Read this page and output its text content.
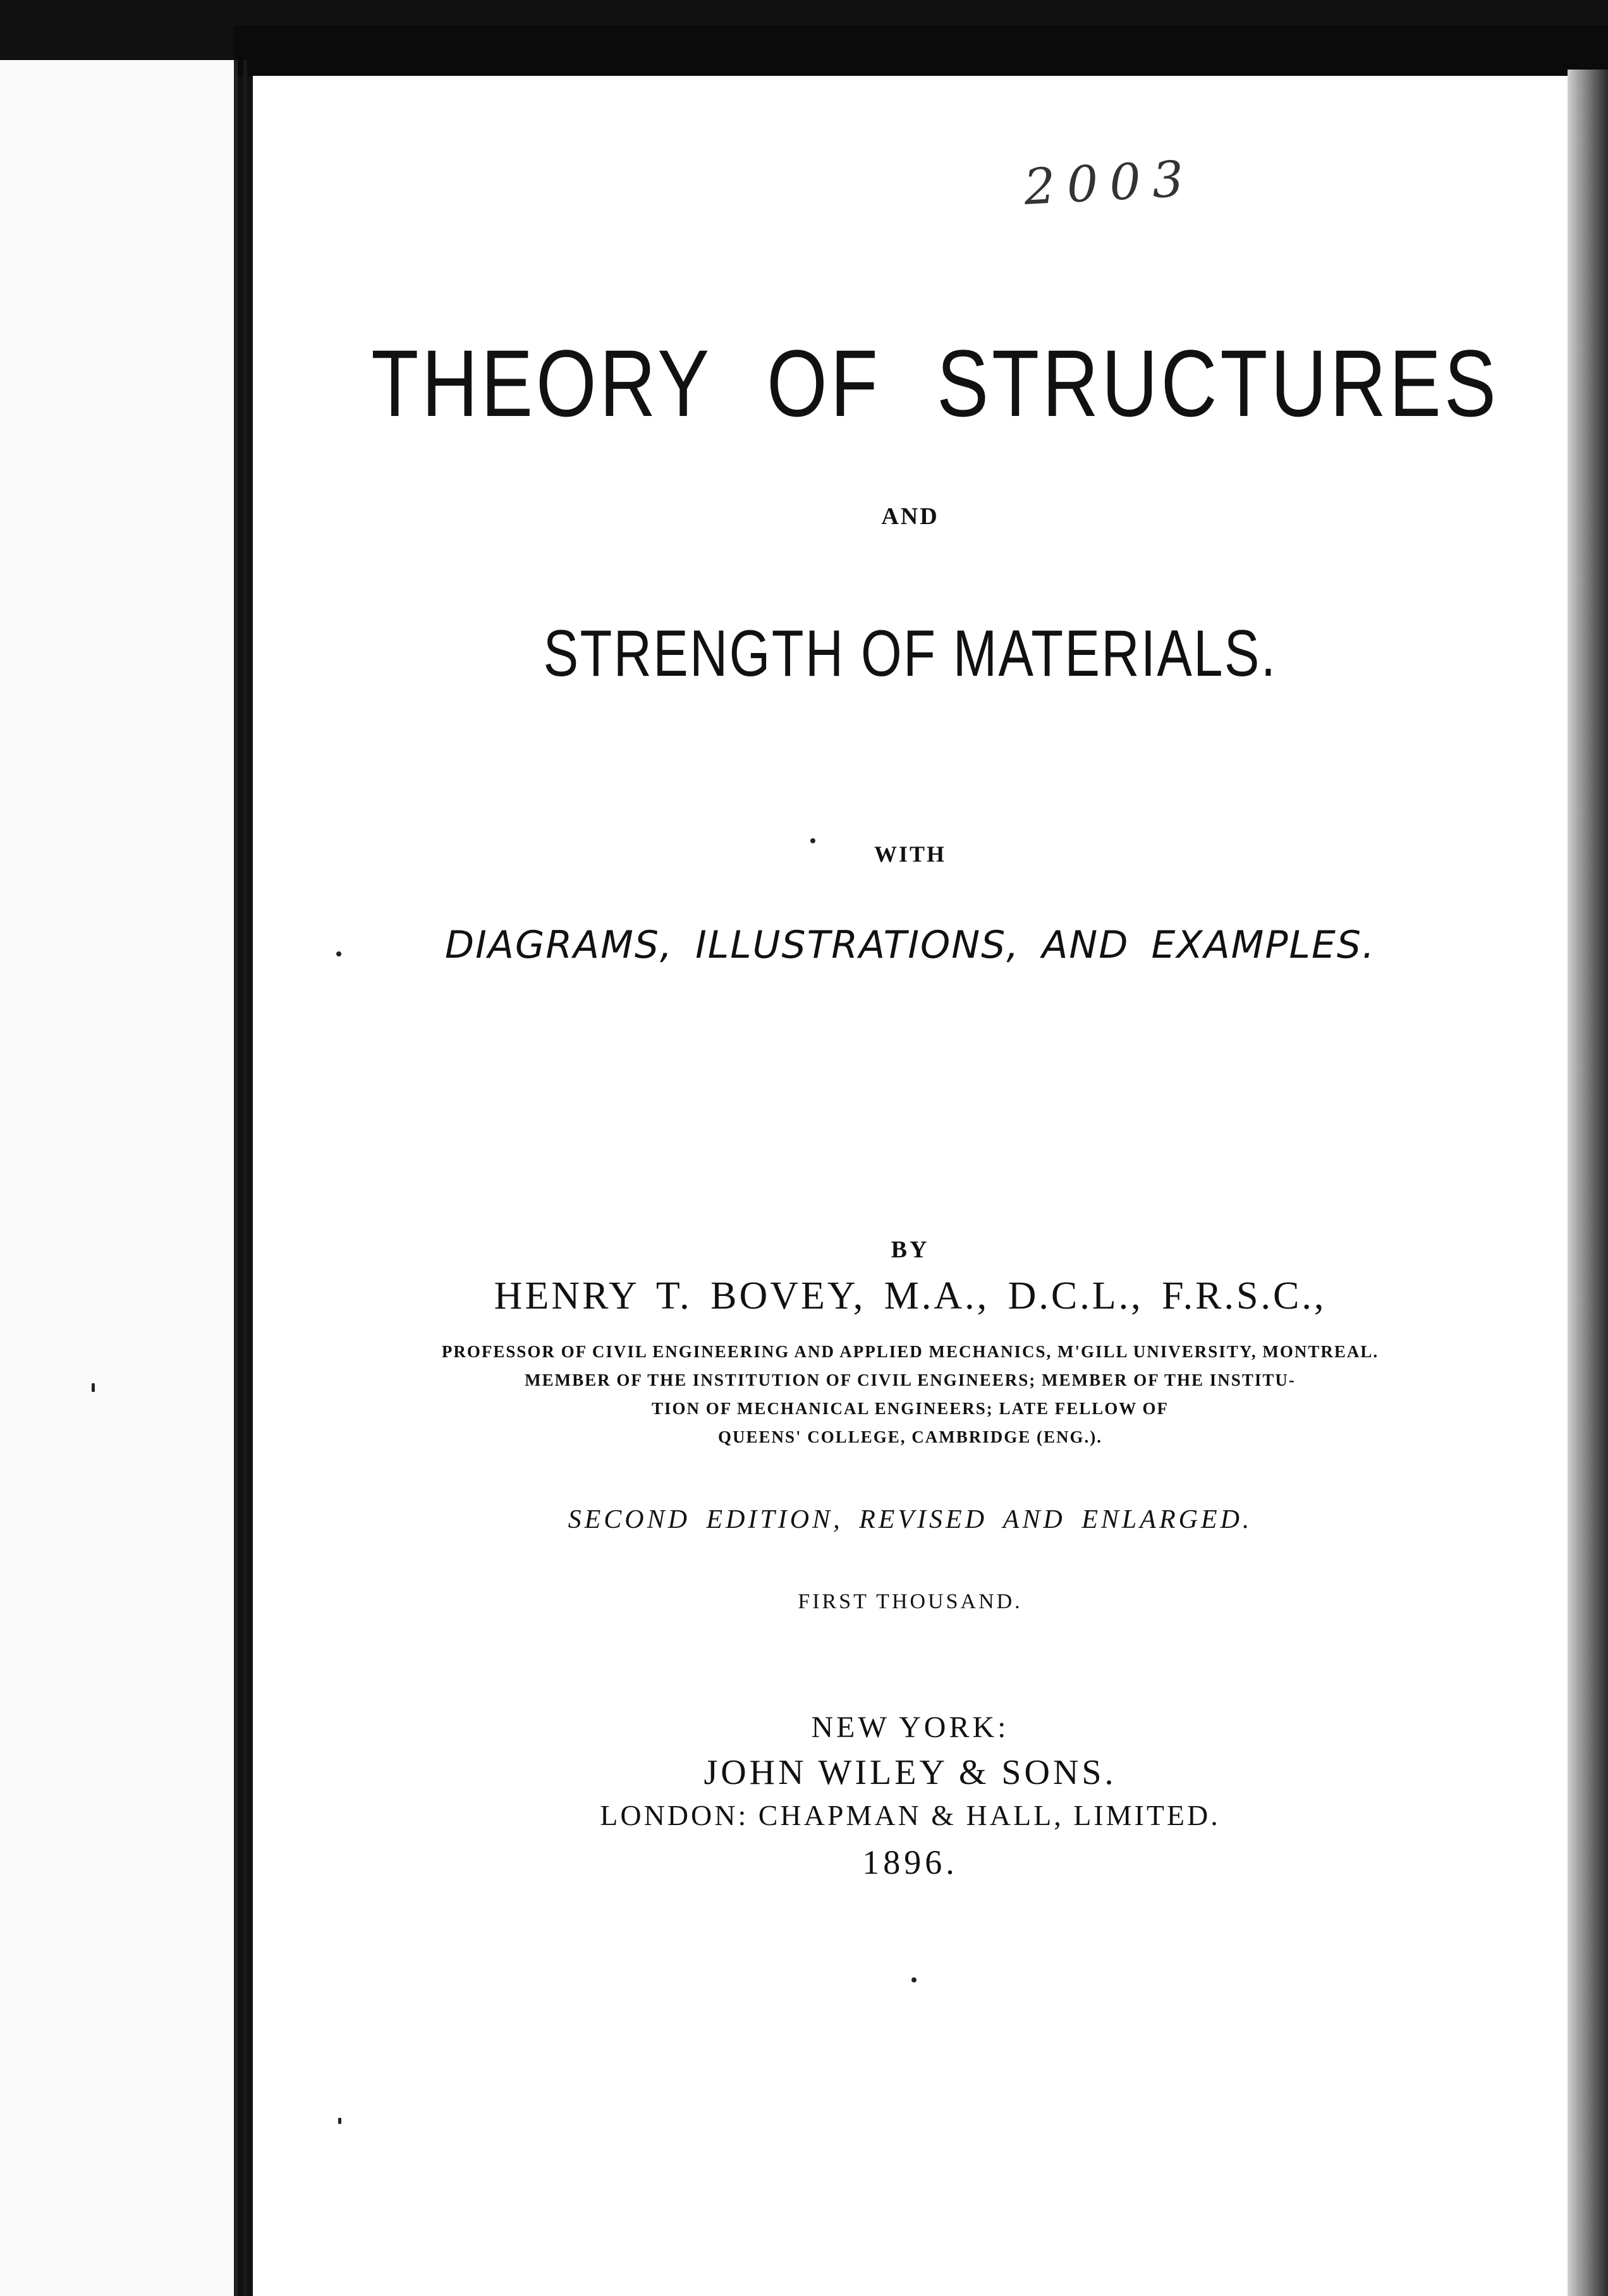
2003

THEORY OF STRUCTURES

AND

STRENGTH OF MATERIALS.

WITH

DIAGRAMS, ILLUSTRATIONS, AND EXAMPLES.

BY

HENRY T. BOVEY, M.A., D.C.L., F.R.S.C.,

PROFESSOR OF CIVIL ENGINEERING AND APPLIED MECHANICS, M'GILL UNIVERSITY, MONTREAL.

MEMBER OF THE INSTITUTION OF CIVIL ENGINEERS; MEMBER OF THE INSTITU-

TION OF MECHANICAL ENGINEERS; LATE FELLOW OF

QUEENS' COLLEGE, CAMBRIDGE (ENG.).

SECOND EDITION, REVISED AND ENLARGED.

FIRST THOUSAND.

NEW YORK:

JOHN WILEY & SONS.

LONDON: CHAPMAN & HALL, LIMITED.

1896.
